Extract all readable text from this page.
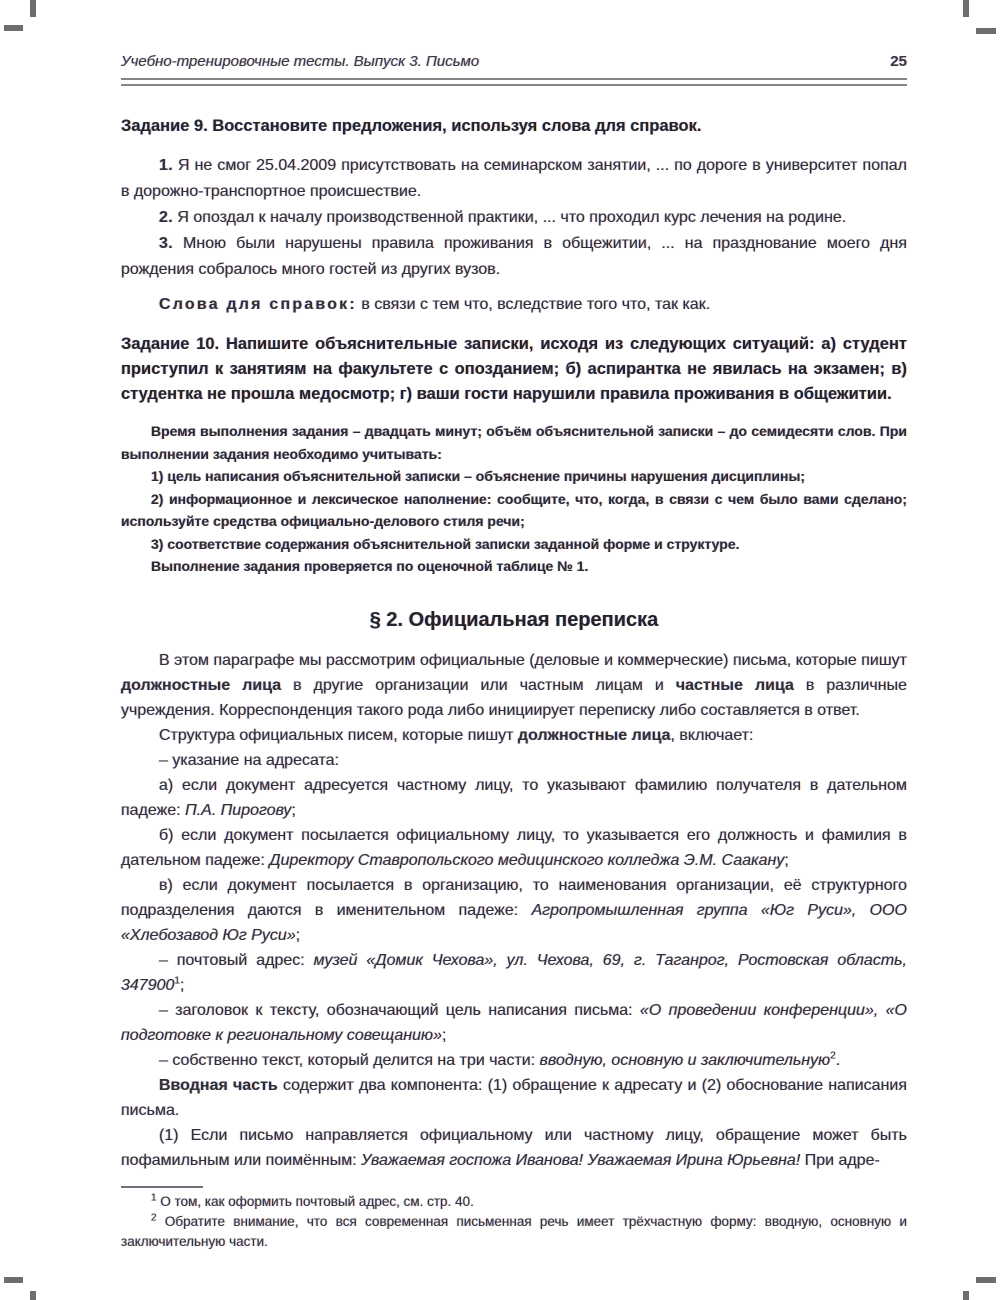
Учебно-тренировочные тесты. Выпуск 3. Письмо	25

Задание 9. Восстановите предложения, используя слова для справок.

1. Я не смог 25.04.2009 присутствовать на семинарском занятии, ... по дороге в университет попал в дорожно-транспортное происшествие.

2. Я опоздал к началу производственной практики, ... что проходил курс лечения на родине.

3. Мною были нарушены правила проживания в общежитии, ... на празднование моего дня рождения собралось много гостей из других вузов.

Слова для справок: в связи с тем что, вследствие того что, так как.

Задание 10. Напишите объяснительные записки, исходя из следующих ситуаций: а) студент приступил к занятиям на факультете с опозданием; б) аспирантка не явилась на экзамен; в) студентка не прошла медосмотр; г) ваши гости нарушили правила проживания в общежитии.

Время выполнения задания – двадцать минут; объём объяснительной записки – до семидесяти слов. При выполнении задания необходимо учитывать:

1) цель написания объяснительной записки – объяснение причины нарушения дисциплины;

2) информационное и лексическое наполнение: сообщите, что, когда, в связи с чем было вами сделано; используйте средства официально-делового стиля речи;

3) соответствие содержания объяснительной записки заданной форме и структуре.

Выполнение задания проверяется по оценочной таблице № 1.

§ 2. Официальная переписка

В этом параграфе мы рассмотрим официальные (деловые и коммерческие) письма, которые пишут должностные лица в другие организации или частным лицам и частные лица в различные учреждения. Корреспонденция такого рода либо инициирует переписку либо составляется в ответ.

Структура официальных писем, которые пишут должностные лица, включает:

– указание на адресата:

а) если документ адресуется частному лицу, то указывают фамилию получателя в дательном падеже: П.А. Пирогову;

б) если документ посылается официальному лицу, то указывается его должность и фамилия в дательном падеже: Директору Ставропольского медицинского колледжа Э.М. Саакану;

в) если документ посылается в организацию, то наименования организации, её структурного подразделения даются в именительном падеже: Агропромышленная группа «Юг Руси», ООО «Хлебозавод Юг Руси»;

– почтовый адрес: музей «Домик Чехова», ул. Чехова, 69, г. Таганрог, Ростовская область, 347900$^1$;

– заголовок к тексту, обозначающий цель написания письма: «О проведении конференции», «О подготовке к региональному совещанию»;

– собственно текст, который делится на три части: вводную, основную и заключительную$^2$.

Вводная часть содержит два компонента: (1) обращение к адресату и (2) обоснование написания письма.

(1) Если письмо направляется официальному или частному лицу, обращение может быть пофамильным или поимённым: Уважаемая госпожа Иванова! Уважаемая Ирина Юрьевна! При адре-

$^1$ О том, как оформить почтовый адрес, см. стр. 40.

$^2$ Обратите внимание, что вся современная письменная речь имеет трёхчастную форму: вводную, основную и заключительную части.
